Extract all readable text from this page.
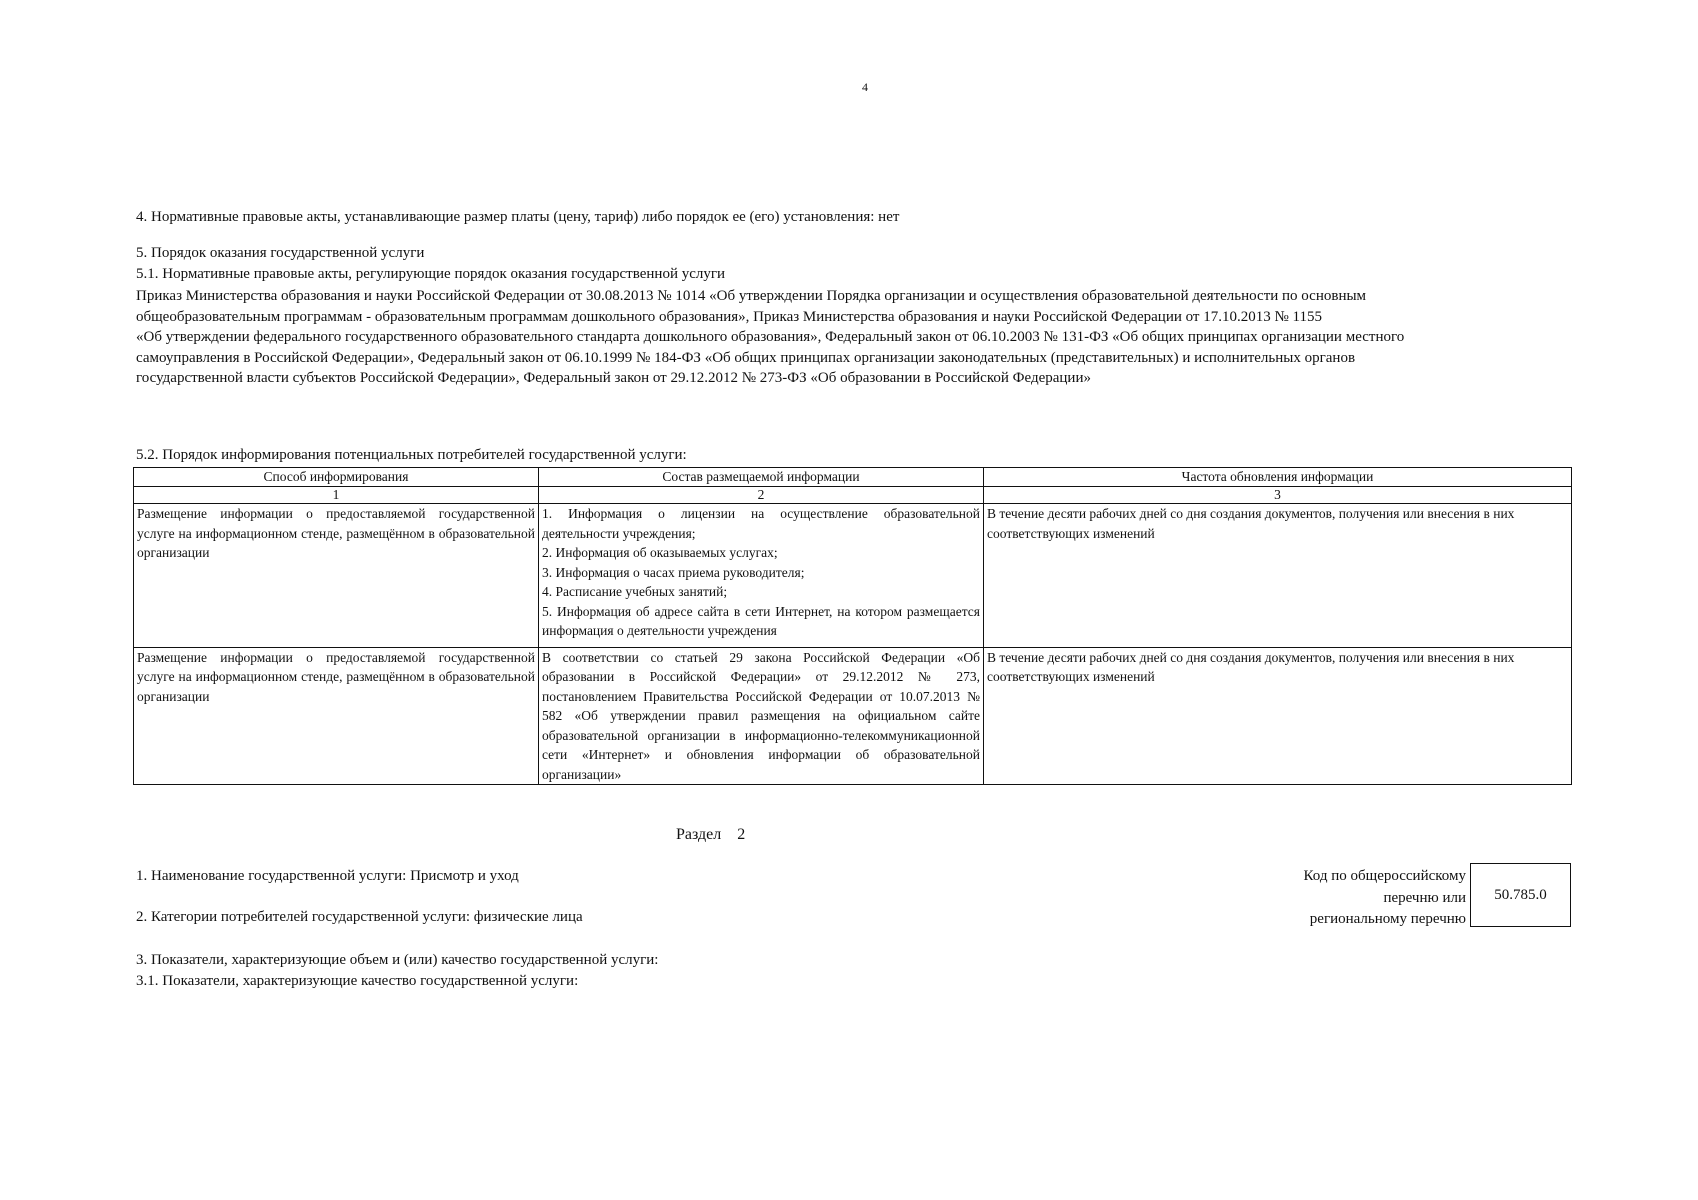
4
4. Нормативные правовые акты, устанавливающие размер платы (цену, тариф) либо порядок ее (его) установления: нет
5. Порядок оказания государственной услуги
5.1. Нормативные правовые акты, регулирующие порядок оказания государственной услуги
Приказ Министерства образования и науки Российской Федерации от 30.08.2013 № 1014 «Об утверждении Порядка организации и осуществления образовательной деятельности по основным
общеобразовательным программам - образовательным программам дошкольного образования», Приказ Министерства образования и науки Российской Федерации от 17.10.2013 № 1155
«Об утверждении федерального государственного образовательного стандарта дошкольного образования», Федеральный закон от 06.10.2003 № 131-ФЗ «Об общих принципах организации местного
самоуправления в Российской Федерации», Федеральный закон от 06.10.1999 № 184-ФЗ «Об общих принципах организации законодательных (представительных) и исполнительных органов
государственной власти субъектов Российской Федерации», Федеральный закон от 29.12.2012 № 273-ФЗ «Об образовании в Российской Федерации»
5.2. Порядок информирования потенциальных потребителей государственной услуги:
Способ информирования	Состав размещаемой информации	Частота обновления информации
1	2	3
Размещение информации о предоставляемой государственной услуге на информационном стенде, размещённом в образовательной организации	1. Информация о лицензии на осуществление образовательной деятельности учреждения;
2. Информация об оказываемых услугах;
3. Информация о часах приема руководителя;
4. Расписание учебных занятий;
5. Информация об адресе сайта в сети Интернет, на котором размещается информация о деятельности учреждения	В течение десяти рабочих дней со дня создания документов, получения или внесения в них соответствующих изменений
Размещение информации о предоставляемой государственной услуге на информационном стенде, размещённом в образовательной организации	В соответствии со статьей 29 закона Российской Федерации «Об образовании в Российской Федерации» от 29.12.2012 № 273, постановлением Правительства Российской Федерации от 10.07.2013 № 582 «Об утверждении правил размещения на официальном сайте образовательной организации в информационно-телекоммуникационной сети «Интернет» и обновления информации об образовательной организации»	В течение десяти рабочих дней со дня создания документов, получения или внесения в них соответствующих изменений
Раздел    2
1. Наименование государственной услуги: Присмотр и уход
2. Категории потребителей государственной услуги: физические лица
Код по общероссийскому
перечню или
региональному перечню
50.785.0
3. Показатели, характеризующие объем и (или) качество государственной услуги:
3.1. Показатели, характеризующие качество государственной услуги:
